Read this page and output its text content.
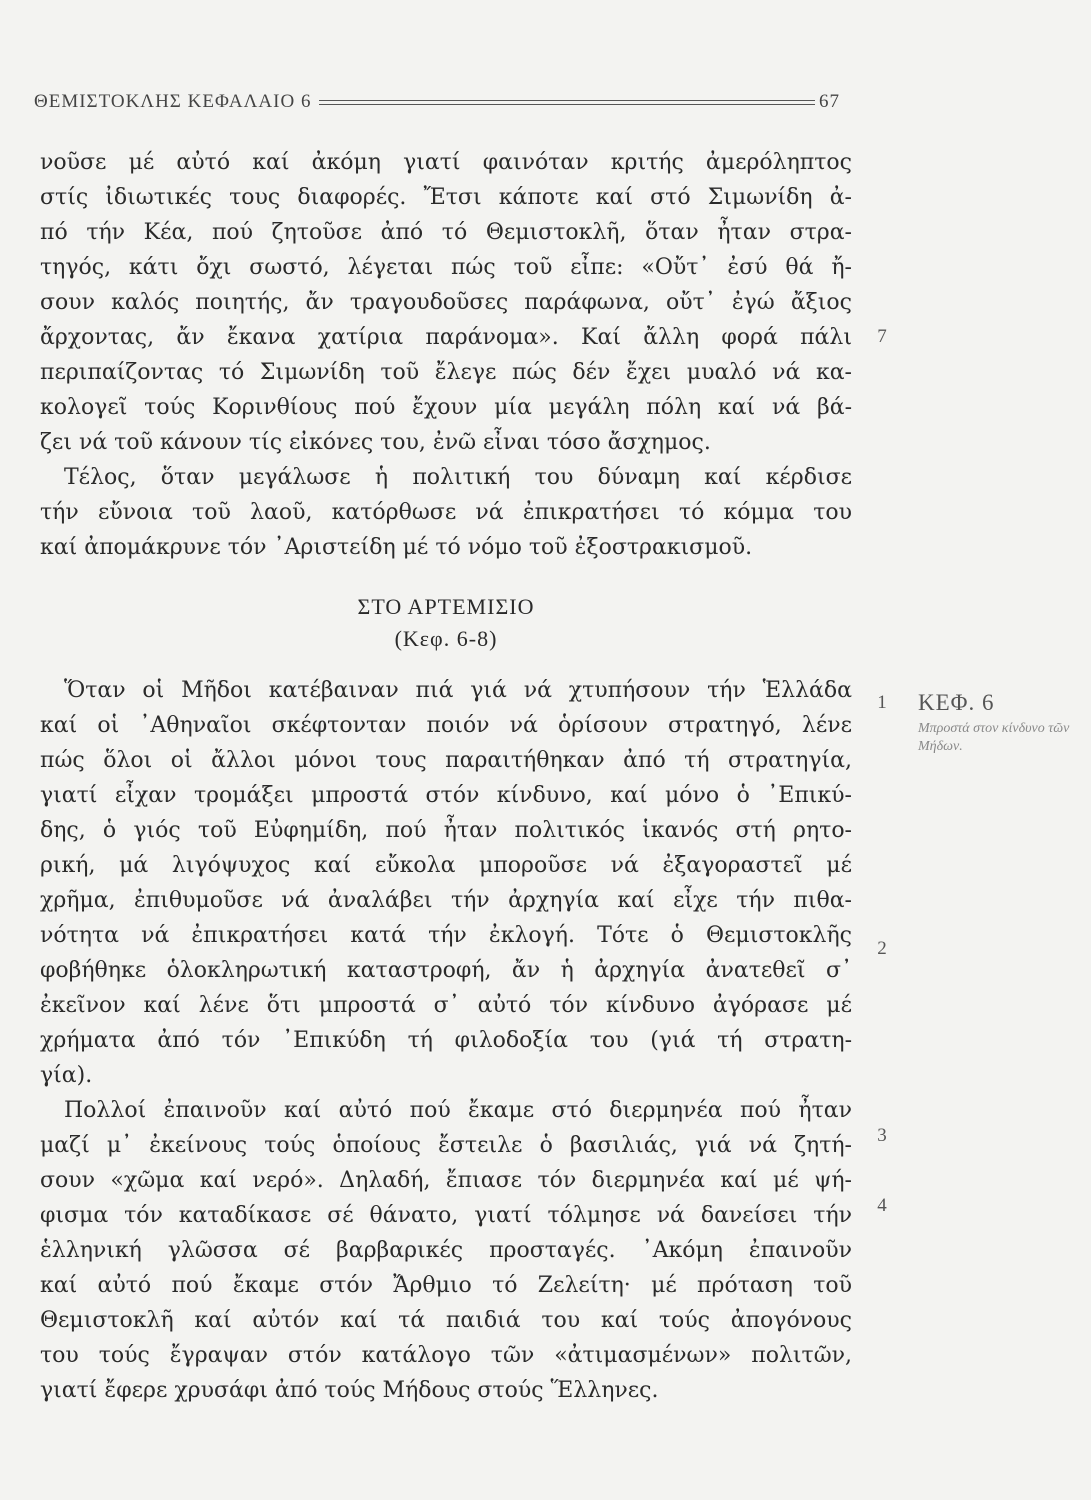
ΘΕΜΙΣΤΟΚΛΗΣ ΚΕΦΑΛΑΙΟ 6	67
νοῦσε μέ αὐτό καί ἀκόμη γιατί φαινόταν κριτής ἀμερόληπτος
στίς ἰδιωτικές τους διαφορές. Ἔτσι κάποτε καί στό Σιμωνίδη ἀ-
πό τήν Κέα, πού ζητοῦσε ἀπό τό Θεμιστοκλῆ, ὅταν ἦταν στρα-
τηγός, κάτι ὄχι σωστό, λέγεται πώς τοῦ εἶπε: «Οὔτ᾽ ἐσύ θά ἤ-
σουν καλός ποιητής, ἄν τραγουδοῦσες παράφωνα, οὔτ᾽ ἐγώ ἄξιος
ἄρχοντας, ἄν ἔκανα χατίρια παράνομα». Καί ἄλλη φορά πάλι
περιπαίζοντας τό Σιμωνίδη τοῦ ἔλεγε πώς δέν ἔχει μυαλό νά κα-
κολογεῖ τούς Κορινθίους πού ἔχουν μία μεγάλη πόλη καί νά βά-
ζει νά τοῦ κάνουν τίς εἰκόνες του, ἐνῶ εἶναι τόσο ἄσχημος.
Τέλος, ὅταν μεγάλωσε ἡ πολιτική του δύναμη καί κέρδισε
τήν εὔνοια τοῦ λαοῦ, κατόρθωσε νά ἐπικρατήσει τό κόμμα του
καί ἀπομάκρυνε τόν ᾽Αριστείδη μέ τό νόμο τοῦ ἐξοστρακισμοῦ.
ΣΤΟ ΑΡΤΕΜΙΣΙΟ
(Κεφ. 6-8)
Ὅταν οἱ Μῆδοι κατέβαιναν πιά γιά νά χτυπήσουν τήν Ἑλλάδα
καί οἱ ᾽Αθηναῖοι σκέφτονταν ποιόν νά ὁρίσουν στρατηγό, λένε
πώς ὅλοι οἱ ἄλλοι μόνοι τους παραιτήθηκαν ἀπό τή στρατηγία,
γιατί εἶχαν τρομάξει μπροστά στόν κίνδυνο, καί μόνο ὁ ᾽Επικύ-
δης, ὁ γιός τοῦ Εὐφημίδη, πού ἦταν πολιτικός ἱκανός στή ρητο-
ρική, μά λιγόψυχος καί εὔκολα μποροῦσε νά ἐξαγοραστεῖ μέ
χρῆμα, ἐπιθυμοῦσε νά ἀναλάβει τήν ἀρχηγία καί εἶχε τήν πιθα-
νότητα νά ἐπικρατήσει κατά τήν ἐκλογή. Τότε ὁ Θεμιστοκλῆς
φοβήθηκε ὁλοκληρωτική καταστροφή, ἄν ἡ ἀρχηγία ἀνατεθεῖ σ᾽
ἐκεῖνον καί λένε ὅτι μπροστά σ᾽ αὐτό τόν κίνδυνο ἀγόρασε μέ
χρήματα ἀπό τόν ᾽Επικύδη τή φιλοδοξία του (γιά τή στρατη-
γία).
Πολλοί ἐπαινοῦν καί αὐτό πού ἔκαμε στό διερμηνέα πού ἦταν
μαζί μ᾽ ἐκείνους τούς ὁποίους ἔστειλε ὁ βασιλιάς, γιά νά ζητή-
σουν «χῶμα καί νερό». Δηλαδή, ἔπιασε τόν διερμηνέα καί μέ ψή-
φισμα τόν καταδίκασε σέ θάνατο, γιατί τόλμησε νά δανείσει τήν
ἑλληνική γλῶσσα σέ βαρβαρικές προσταγές. ᾽Ακόμη ἐπαινοῦν
καί αὐτό πού ἔκαμε στόν Ἄρθμιο τό Ζελείτη· μέ πρόταση τοῦ
Θεμιστοκλῆ καί αὐτόν καί τά παιδιά του καί τούς ἀπογόνους
του τούς ἔγραψαν στόν κατάλογο τῶν «ἀτιμασμένων» πολιτῶν,
γιατί ἔφερε χρυσάφι ἀπό τούς Μήδους στούς Ἕλληνες.
7
1
2
3
4
ΚΕΦ. 6
Μπροστά στον κίνδυνο τῶν Μήδων.
